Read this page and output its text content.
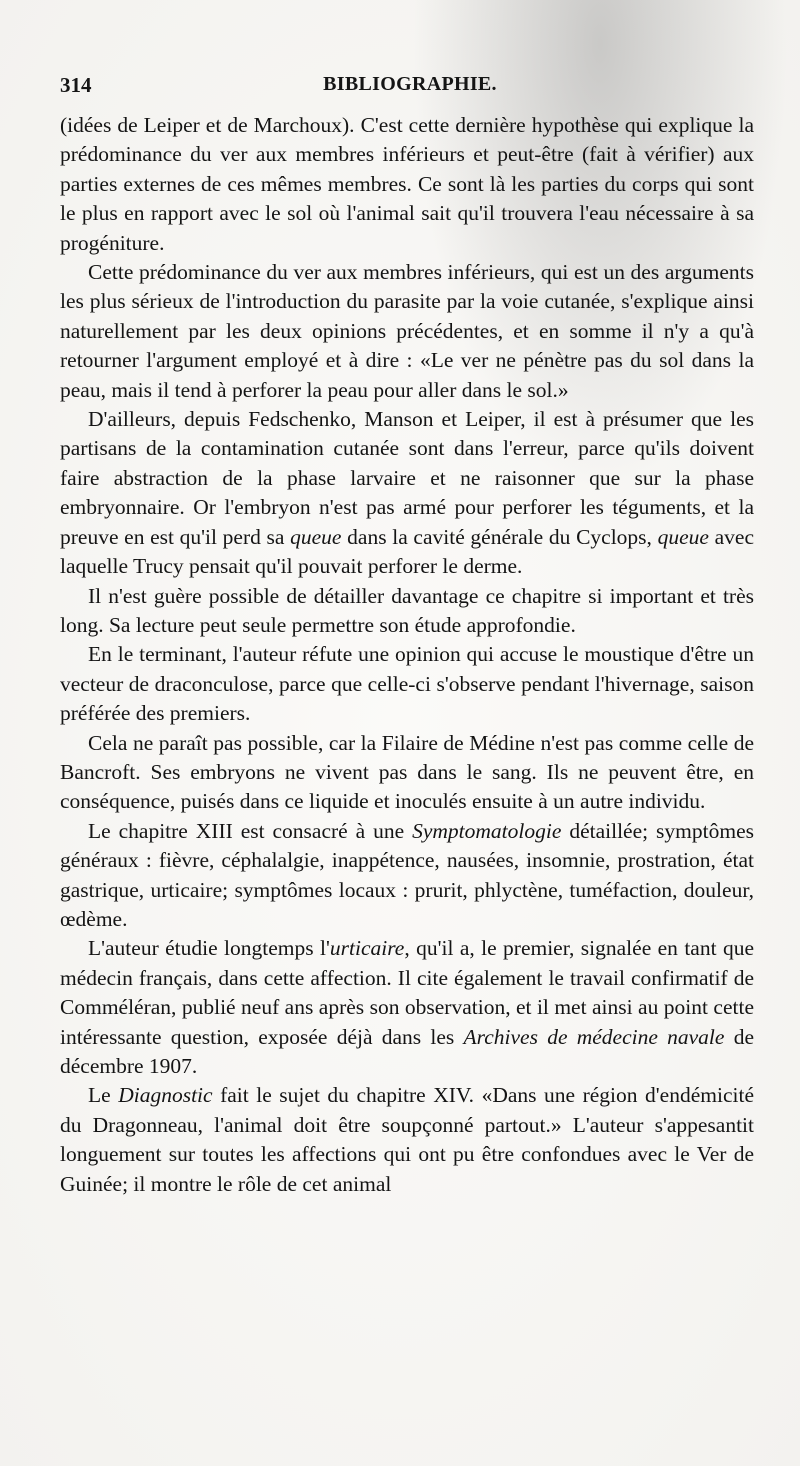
314	BIBLIOGRAPHIE.

(idées de Leiper et de Marchoux). C'est cette dernière hypothèse qui explique la prédominance du ver aux membres inférieurs et peut-être (fait à vérifier) aux parties externes de ces mêmes membres. Ce sont là les parties du corps qui sont le plus en rapport avec le sol où l'animal sait qu'il trouvera l'eau nécessaire à sa progéniture.

Cette prédominance du ver aux membres inférieurs, qui est un des arguments les plus sérieux de l'introduction du parasite par la voie cutanée, s'explique ainsi naturellement par les deux opinions précédentes, et en somme il n'y a qu'à retourner l'argument employé et à dire : «Le ver ne pénètre pas du sol dans la peau, mais il tend à perforer la peau pour aller dans le sol.»

D'ailleurs, depuis Fedschenko, Manson et Leiper, il est à présumer que les partisans de la contamination cutanée sont dans l'erreur, parce qu'ils doivent faire abstraction de la phase larvaire et ne raisonner que sur la phase embryonnaire. Or l'embryon n'est pas armé pour perforer les téguments, et la preuve en est qu'il perd sa queue dans la cavité générale du Cyclops, queue avec laquelle Trucy pensait qu'il pouvait perforer le derme.

Il n'est guère possible de détailler davantage ce chapitre si important et très long. Sa lecture peut seule permettre son étude approfondie.

En le terminant, l'auteur réfute une opinion qui accuse le moustique d'être un vecteur de draconculose, parce que celle-ci s'observe pendant l'hivernage, saison préférée des premiers.

Cela ne paraît pas possible, car la Filaire de Médine n'est pas comme celle de Bancroft. Ses embryons ne vivent pas dans le sang. Ils ne peuvent être, en conséquence, puisés dans ce liquide et inoculés ensuite à un autre individu.

Le chapitre XIII est consacré à une Symptomatologie détaillée; symptômes généraux : fièvre, céphalalgie, inappétence, nausées, insomnie, prostration, état gastrique, urticaire; symptômes locaux : prurit, phlyctène, tuméfaction, douleur, œdème.

L'auteur étudie longtemps l'urticaire, qu'il a, le premier, signalée en tant que médecin français, dans cette affection. Il cite également le travail confirmatif de Comméléran, publié neuf ans après son observation, et il met ainsi au point cette intéressante question, exposée déjà dans les Archives de médecine navale de décembre 1907.

Le Diagnostic fait le sujet du chapitre XIV. «Dans une région d'endémicité du Dragonneau, l'animal doit être soupçonné partout.» L'auteur s'appesantit longuement sur toutes les affections qui ont pu être confondues avec le Ver de Guinée; il montre le rôle de cet animal
